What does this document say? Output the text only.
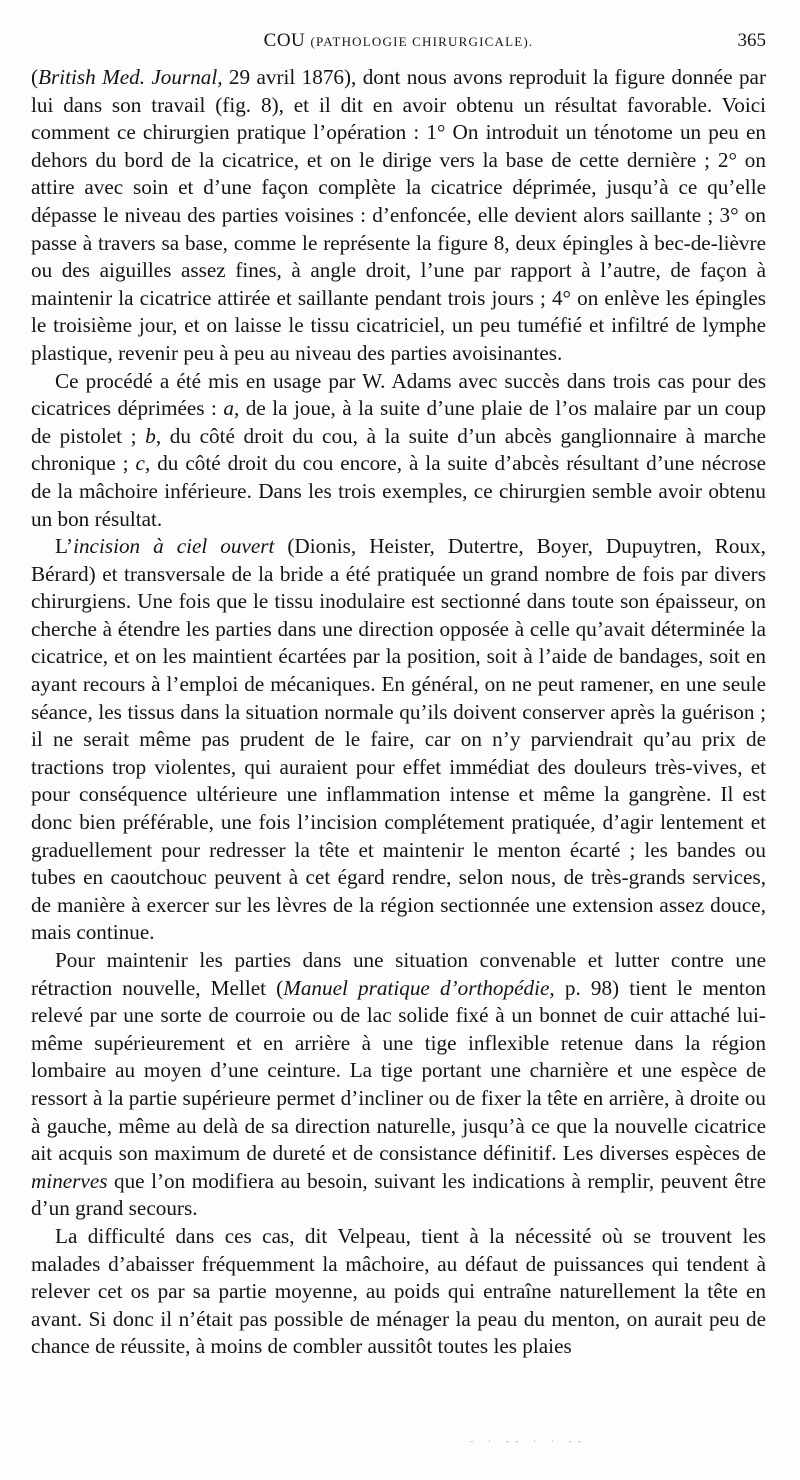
COU (PATHOLOGIE CHIRURGICALE).	365

(British Med. Journal, 29 avril 1876), dont nous avons reproduit la figure donnée par lui dans son travail (fig. 8), et il dit en avoir obtenu un résultat favorable. Voici comment ce chirurgien pratique l’opération : 1° On introduit un ténotome un peu en dehors du bord de la cicatrice, et on le dirige vers la base de cette dernière ; 2° on attire avec soin et d’une façon complète la cicatrice déprimée, jusqu’à ce qu’elle dépasse le niveau des parties voisines : d’enfoncée, elle devient alors saillante ; 3° on passe à travers sa base, comme le représente la figure 8, deux épingles à bec-de-lièvre ou des aiguilles assez fines, à angle droit, l’une par rapport à l’autre, de façon à maintenir la cicatrice attirée et saillante pendant trois jours ; 4° on enlève les épingles le troisième jour, et on laisse le tissu cicatriciel, un peu tuméfié et infiltré de lymphe plastique, revenir peu à peu au niveau des parties avoisinantes.

Ce procédé a été mis en usage par W. Adams avec succès dans trois cas pour des cicatrices déprimées : a, de la joue, à la suite d’une plaie de l’os malaire par un coup de pistolet ; b, du côté droit du cou, à la suite d’un abcès ganglionnaire à marche chronique ; c, du côté droit du cou encore, à la suite d’abcès résultant d’une nécrose de la mâchoire inférieure. Dans les trois exemples, ce chirurgien semble avoir obtenu un bon résultat.

L’incision à ciel ouvert (Dionis, Heister, Dutertre, Boyer, Dupuytren, Roux, Bérard) et transversale de la bride a été pratiquée un grand nombre de fois par divers chirurgiens. Une fois que le tissu inodulaire est sectionné dans toute son épaisseur, on cherche à étendre les parties dans une direction opposée à celle qu’avait déterminée la cicatrice, et on les maintient écartées par la position, soit à l’aide de bandages, soit en ayant recours à l’emploi de mécaniques. En général, on ne peut ramener, en une seule séance, les tissus dans la situation normale qu’ils doivent conserver après la guérison ; il ne serait même pas prudent de le faire, car on n’y parviendrait qu’au prix de tractions trop violentes, qui auraient pour effet immédiat des douleurs très-vives, et pour conséquence ultérieure une inflammation intense et même la gangrène. Il est donc bien préférable, une fois l’incision complétement pratiquée, d’agir lentement et graduellement pour redresser la tête et maintenir le menton écarté ; les bandes ou tubes en caoutchouc peuvent à cet égard rendre, selon nous, de très-grands services, de manière à exercer sur les lèvres de la région sectionnée une extension assez douce, mais continue.

Pour maintenir les parties dans une situation convenable et lutter contre une rétraction nouvelle, Mellet (Manuel pratique d’orthopédie, p. 98) tient le menton relevé par une sorte de courroie ou de lac solide fixé à un bonnet de cuir attaché lui-même supérieurement et en arrière à une tige inflexible retenue dans la région lombaire au moyen d’une ceinture. La tige portant une charnière et une espèce de ressort à la partie supérieure permet d’incliner ou de fixer la tête en arrière, à droite ou à gauche, même au delà de sa direction naturelle, jusqu’à ce que la nouvelle cicatrice ait acquis son maximum de dureté et de consistance définitif. Les diverses espèces de minerves que l’on modifiera au besoin, suivant les indications à remplir, peuvent être d’un grand secours.

La difficulté dans ces cas, dit Velpeau, tient à la nécessité où se trouvent les malades d’abaisser fréquemment la mâchoire, au défaut de puissances qui tendent à relever cet os par sa partie moyenne, au poids qui entraîne naturellement la tête en avant. Si donc il n’était pas possible de ménager la peau du menton, on aurait peu de chance de réussite, à moins de combler aussitôt toutes les plaies

- · -- · · --
